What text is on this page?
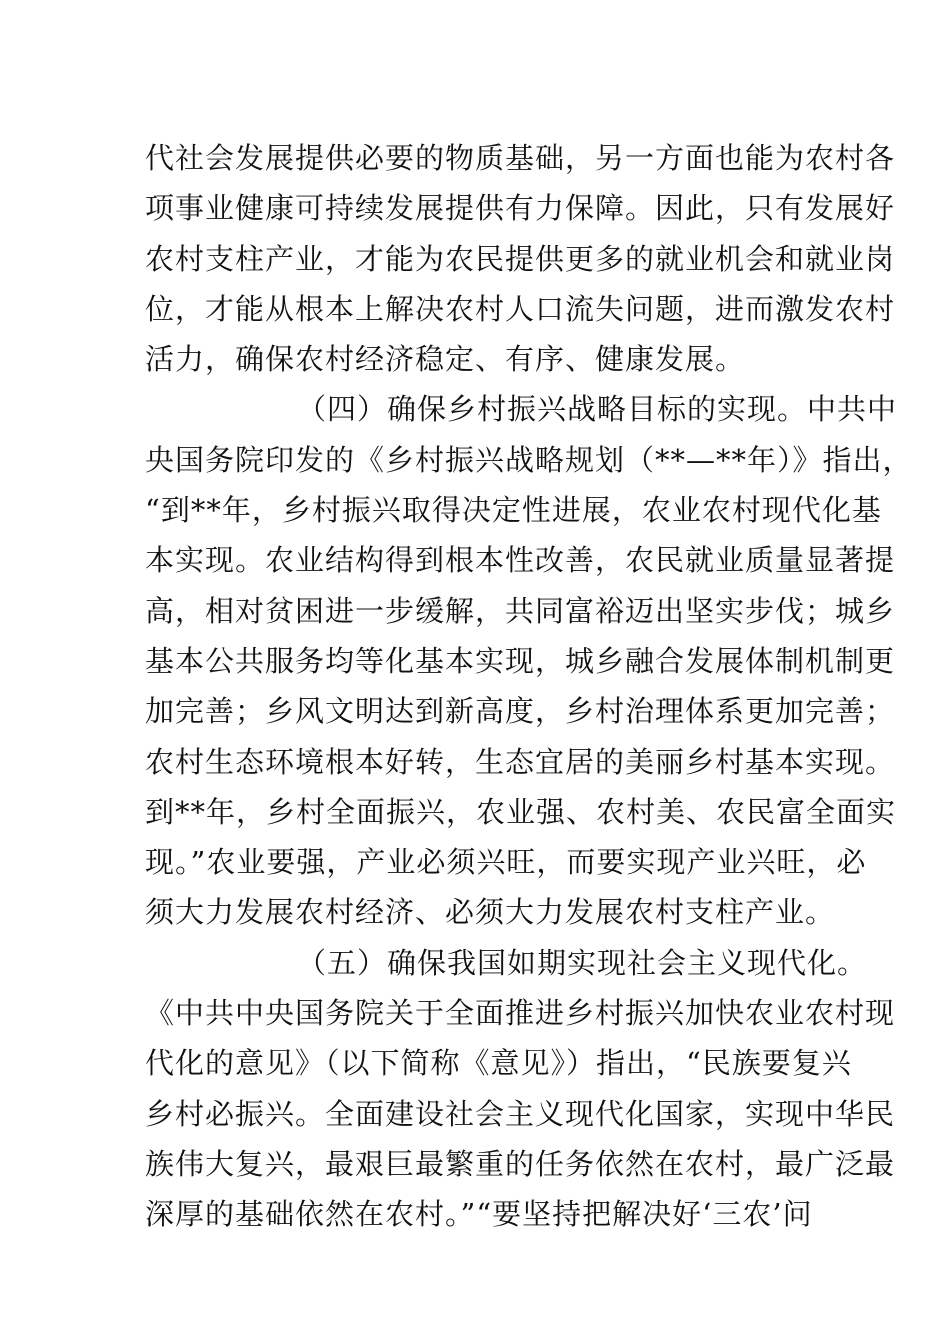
代社会发展提供必要的物质基础，另一方面也能为农村各
项事业健康可持续发展提供有力保障。因此，只有发展好
农村支柱产业，才能为农民提供更多的就业机会和就业岗
位，才能从根本上解决农村人口流失问题，进而激发农村
活力，确保农村经济稳定、有序、健康发展。
（四）确保乡村振兴战略目标的实现。中共中
央国务院印发的《乡村振兴战略规划（**—**年）》指出，
“到**年，乡村振兴取得决定性进展，农业农村现代化基
本实现。农业结构得到根本性改善，农民就业质量显著提
高，相对贫困进一步缓解，共同富裕迈出坚实步伐；城乡
基本公共服务均等化基本实现，城乡融合发展体制机制更
加完善；乡风文明达到新高度，乡村治理体系更加完善；
农村生态环境根本好转，生态宜居的美丽乡村基本实现。
到**年，乡村全面振兴，农业强、农村美、农民富全面实
现。”农业要强，产业必须兴旺，而要实现产业兴旺，必
须大力发展农村经济、必须大力发展农村支柱产业。
（五）确保我国如期实现社会主义现代化。
《中共中央国务院关于全面推进乡村振兴加快农业农村现
代化的意见》（以下简称《意见》）指出，“民族要复兴
乡村必振兴。全面建设社会主义现代化国家，实现中华民
族伟大复兴，最艰巨最繁重的任务依然在农村，最广泛最
深厚的基础依然在农村。”“要坚持把解决好‘三农’问
